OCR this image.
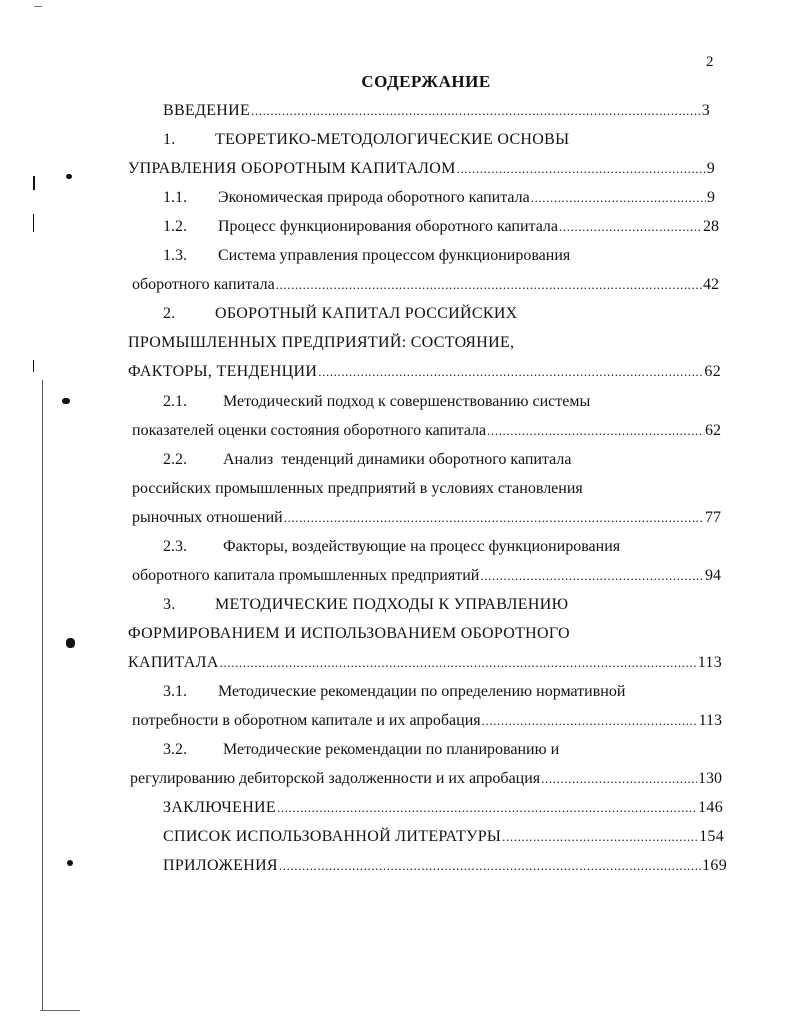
2
СОДЕРЖАНИЕ
ВВЕДЕНИЕ .....	3
1.	ТЕОРЕТИКО-МЕТОДОЛОГИЧЕСКИЕ ОСНОВЫ
УПРАВЛЕНИЯ ОБОРОТНЫМ КАПИТАЛОМ .....	9
1.1.	Экономическая природа оборотного капитала .....	9
1.2.	Процесс функционирования оборотного капитала .....	28
1.3.	Система управления процессом функционирования
оборотного капитала .....	42
2.	ОБОРОТНЫЙ КАПИТАЛ РОССИЙСКИХ
ПРОМЫШЛЕННЫХ ПРЕДПРИЯТИЙ: СОСТОЯНИЕ,
ФАКТОРЫ, ТЕНДЕНЦИИ .....	62
2.1.	Методический подход к совершенствованию системы
показателей оценки состояния оборотного капитала .....	62
2.2.	Анализ  тенденций динамики оборотного капитала
российских промышленных предприятий в условиях становления
рыночных отношений .....	77
2.3.	Факторы, воздействующие на процесс функционирования
оборотного капитала промышленных предприятий .....	94
3.	МЕТОДИЧЕСКИЕ ПОДХОДЫ К УПРАВЛЕНИЮ
ФОРМИРОВАНИЕМ И ИСПОЛЬЗОВАНИЕМ ОБОРОТНОГО
КАПИТАЛА .....	113
3.1.	Методические рекомендации по определению нормативной
потребности в оборотном капитале и их апробация .....	113
3.2.	Методические рекомендации по планированию и
регулированию дебиторской задолженности и их апробация .....	130
ЗАКЛЮЧЕНИЕ .....	146
СПИСОК ИСПОЛЬЗОВАННОЙ ЛИТЕРАТУРЫ .....	154
ПРИЛОЖЕНИЯ .....	169
